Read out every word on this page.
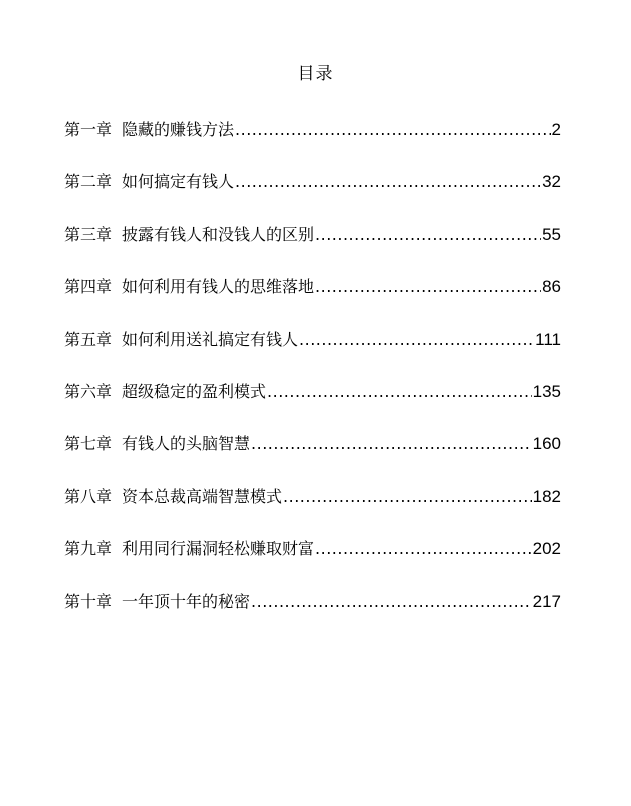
目录
第一章 隐藏的赚钱方法 .....	2
第二章 如何搞定有钱人 .....	32
第三章 披露有钱人和没钱人的区别 .....	55
第四章 如何利用有钱人的思维落地 .....	86
第五章 如何利用送礼搞定有钱人 .....	111
第六章 超级稳定的盈利模式 .....	135
第七章 有钱人的头脑智慧 .....	160
第八章 资本总裁高端智慧模式 .....	182
第九章 利用同行漏洞轻松赚取财富 .....	202
第十章 一年顶十年的秘密 .....	217
